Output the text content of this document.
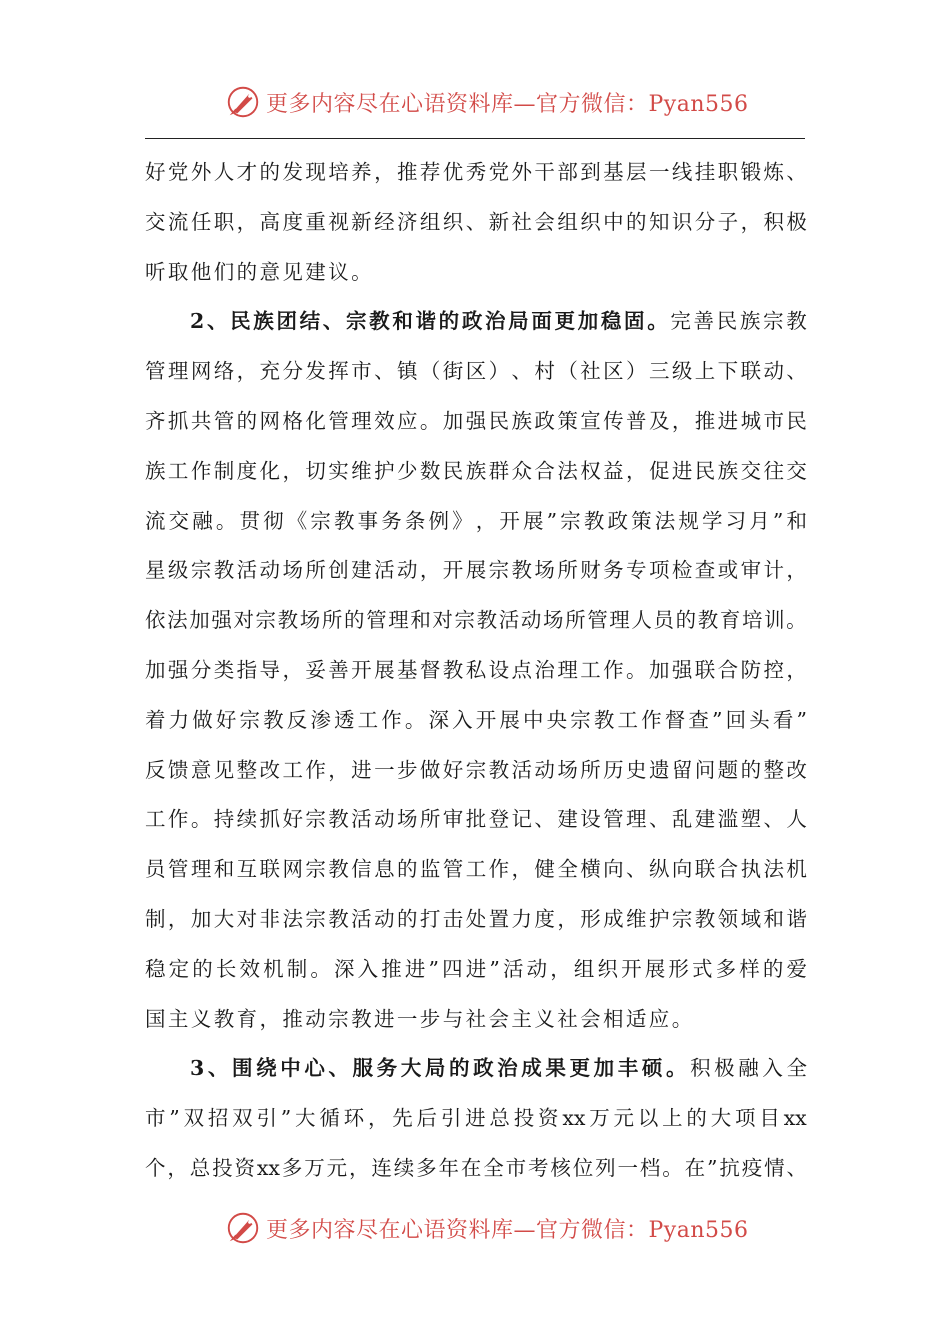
更多内容尽在心语资料库—官方微信：Pyan556
好 党 外 人 才 的 发 现 培 养 ， 推 荐 优 秀 党 外 干 部 到 基 层 一 线 挂 职 锻 炼 、
交 流 任 职 ， 高 度 重 视 新 经 济 组 织 、 新 社 会 组 织 中 的 知 识 分 子 ， 积 极
听取他们的意见建议。
2 、 民 族 团 结 、 宗 教 和 谐 的 政 治 局 面 更 加 稳 固 。 完 善 民 族 宗 教
管 理 网 络 ， 充 分 发 挥 市 、 镇 （ 街 区 ） 、 村 （ 社 区 ） 三 级 上 下 联 动 、
齐 抓 共 管 的 网 格 化 管 理 效 应 。 加 强 民 族 政 策 宣 传 普 及 ， 推 进 城 市 民
族 工 作 制 度 化 ， 切 实 维 护 少 数 民 族 群 众 合 法 权 益 ， 促 进 民 族 交 往 交
流 交 融 。 贯 彻 《 宗 教 事 务 条 例 》 ， 开 展 ” 宗 教 政 策 法 规 学 习 月 ” 和
星 级 宗 教 活 动 场 所 创 建 活 动 ， 开 展 宗 教 场 所 财 务 专 项 检 查 或 审 计 ，
依 法 加 强 对 宗 教 场 所 的 管 理 和 对 宗 教 活 动 场 所 管 理 人 员 的 教 育 培 训 。
加 强 分 类 指 导 ， 妥 善 开 展 基 督 教 私 设 点 治 理 工 作 。 加 强 联 合 防 控 ，
着 力 做 好 宗 教 反 渗 透 工 作 。 深 入 开 展 中 央 宗 教 工 作 督 查 ” 回 头 看 ”
反 馈 意 见 整 改 工 作 ， 进 一 步 做 好 宗 教 活 动 场 所 历 史 遗 留 问 题 的 整 改
工 作 。 持 续 抓 好 宗 教 活 动 场 所 审 批 登 记 、 建 设 管 理 、 乱 建 滥 塑 、 人
员 管 理 和 互 联 网 宗 教 信 息 的 监 管 工 作 ， 健 全 横 向 、 纵 向 联 合 执 法 机
制 ， 加 大 对 非 法 宗 教 活 动 的 打 击 处 置 力 度 ， 形 成 维 护 宗 教 领 域 和 谐
稳 定 的 长 效 机 制 。 深 入 推 进 ” 四 进 ” 活 动 ， 组 织 开 展 形 式 多 样 的 爱
国主义教育，推动宗教进一步与社会主义社会相适应。
3 、 围 绕 中 心 、 服 务 大 局 的 政 治 成 果 更 加 丰 硕 。 积 极 融 入 全
市 ” 双 招 双 引 ” 大 循 环 ， 先 后 引 进 总 投 资 xx 万 元 以 上 的 大 项 目 xx
个 ， 总 投 资 xx 多 万 元 ， 连 续 多 年 在 全 市 考 核 位 列 一 档 。 在 ” 抗 疫 情 、
更多内容尽在心语资料库—官方微信：Pyan556
